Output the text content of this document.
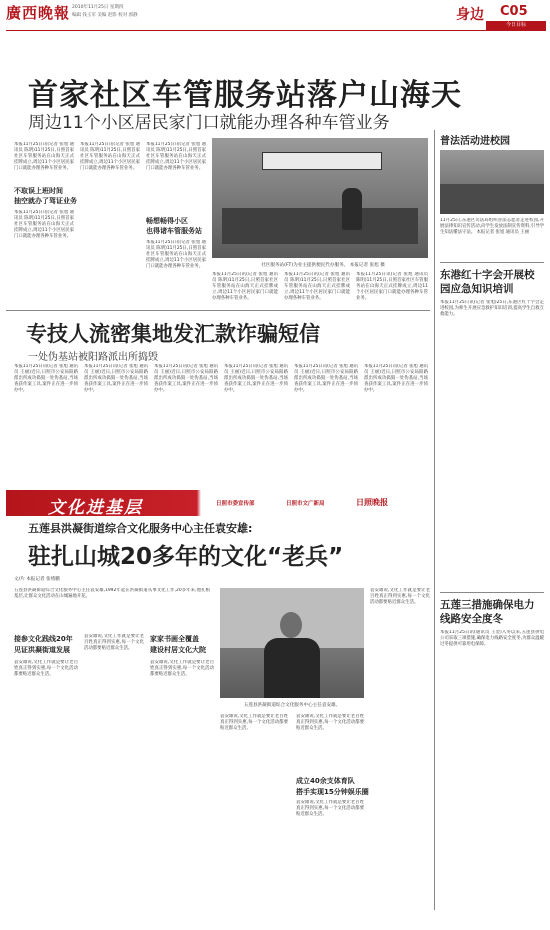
廣西晚報 2010年11月25日 星期四
编辑 钱玉军 美编 赵影 校对 郭静	身边 C05
今日目标
首家社区车管服务站落户山海天
周边11个小区居民家门口就能办理各种车管业务
本报11月25日讯(记者 张旭 通讯员 陈明)11月25日,日照首家社区车管服务站在山海天正式挂牌成立,周边11个小区居民家门口就能办理各种车管业务。
不取误上班时间
抽空就办了驾证业务
本报11月25日讯(记者 张旭 通讯员 陈明)11月25日,日照首家社区车管服务站在山海天正式挂牌成立,周边11个小区居民家门口就能办理各种车管业务。
本报11月25日讯(记者 张旭 通讯员 陈明)11月25日,日照首家社区车管服务站在山海天正式挂牌成立,周边11个小区居民家门口就能办理各种车管业务。
本报11月25日讯(记者 张旭 通讯员 陈明)11月25日,日照首家社区车管服务站在山海天正式挂牌成立,周边11个小区居民家门口就能办理各种车管业务。
畅想畅得小区
也得诸车管服务站
本报11月25日讯(记者 张旭 通讯员 陈明)11月25日,日照首家社区车管服务站在山海天正式挂牌成立,周边11个小区居民家门口就能办理各种车管业务。	社区服务站(FT)为业主提供便民代办服务。 本报记者 张旭 摄
本报11月25日讯(记者 张旭 通讯员 陈明)11月25日,日照首家社区车管服务站在山海天正式挂牌成立,周边11个小区居民家门口就能办理各种车管业务。
本报11月25日讯(记者 张旭 通讯员 陈明)11月25日,日照首家社区车管服务站在山海天正式挂牌成立,周边11个小区居民家门口就能办理各种车管业务。
本报11月25日讯(记者 张旭 通讯员 陈明)11月25日,日照首家社区车管服务站在山海天正式挂牌成立,周边11个小区居民家门口就能办理各种车管业务。
普法活动进校园
11月25日,东港区司法局组织普法志愿者走进校园,开展法律知识宣传活动,向学生发放法制宣传资料,引导学生知法懂法守法。 本报记者 张旭 通讯员 王丽
东港红十字会开展校园应急知识培训
本报11月25日讯(记者 张旭)25日,东港区红十字会走进校园,为师生开展应急救护知识培训,提高学生自救互救能力。
五莲三措施确保电力线路安全度冬
本报11月25日讯(通讯员 王金)入冬以来,五莲县供电公司采取三项措施,确保电力线路安全度冬,为群众温暖过冬提供可靠用电保障。
专技人流密集地发汇款诈骗短信
一处伪基站被阳路派出所捣毁
本报11月25日讯(记者 张旭 通讯员 王丽)近日,日照市公安局阳路派出所成功捣毁一处伪基站,当场查获作案工具,案件正在进一步侦办中。
本报11月25日讯(记者 张旭 通讯员 王丽)近日,日照市公安局阳路派出所成功捣毁一处伪基站,当场查获作案工具,案件正在进一步侦办中。
本报11月25日讯(记者 张旭 通讯员 王丽)近日,日照市公安局阳路派出所成功捣毁一处伪基站,当场查获作案工具,案件正在进一步侦办中。
本报11月25日讯(记者 张旭 通讯员 王丽)近日,日照市公安局阳路派出所成功捣毁一处伪基站,当场查获作案工具,案件正在进一步侦办中。
本报11月25日讯(记者 张旭 通讯员 王丽)近日,日照市公安局阳路派出所成功捣毁一处伪基站,当场查获作案工具,案件正在进一步侦办中。
本报11月25日讯(记者 张旭 通讯员 王丽)近日,日照市公安局阳路派出所成功捣毁一处伪基站,当场查获作案工具,案件正在进一步侦办中。
文化进基层	日照市委宣传部	日照市文广新局	日照晚报
五莲县洪凝街道综合文化服务中心主任袁安雄:
驻扎山城20多年的文化“老兵”
文/片 本报记者 张绪鹏
五莲县洪凝街道综合文化服务中心主任袁安雄,1992年起在洪凝街道从事文化工作,20多年来,他扎根基层,让群众文化活动在山城遍地开花。
接参文化践线20年
见证洪凝街道发展
袁安雄说,文化工作就是要让老百姓真正得到实惠,每一个文化活动都要贴近群众生活。
袁安雄说,文化工作就是要让老百姓真正得到实惠,每一个文化活动都要贴近群众生活。
家家书画全覆盖
建设村居文化大院
袁安雄说,文化工作就是要让老百姓真正得到实惠,每一个文化活动都要贴近群众生活。
五莲县洪凝街道综合文化服务中心主任袁安雄。
袁安雄说,文化工作就是要让老百姓真正得到实惠,每一个文化活动都要贴近群众生活。
袁安雄说,文化工作就是要让老百姓真正得到实惠,每一个文化活动都要贴近群众生活。
成立40余支体育队
搭手实现15分钟娱乐圈
袁安雄说,文化工作就是要让老百姓真正得到实惠,每一个文化活动都要贴近群众生活。
袁安雄说,文化工作就是要让老百姓真正得到实惠,每一个文化活动都要贴近群众生活。
